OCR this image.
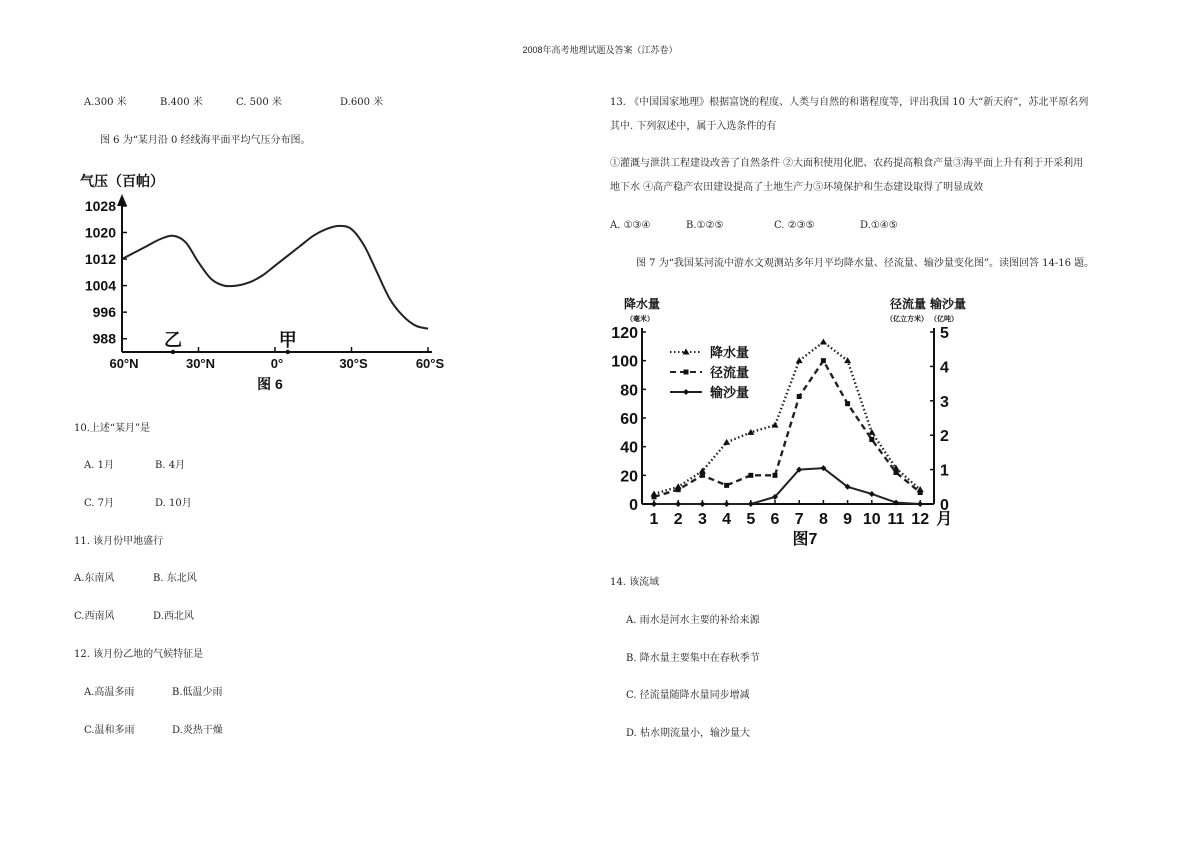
2008年高考地理试题及答案（江苏卷）
A.300 米	B.400 米	C. 500 米	D.600 米
图 6 为“某月沿 0 经线海平面平均气压分布图。
气压（百帕）
1028
1020
1012
1004
996
988
60°N	30°N	0°	30°S	60°S
乙	甲
图 6
10.上述“某月”是
A. 1月	B. 4月
C. 7月	D. 10月
11. 该月份甲地盛行
A.东南风	B. 东北风
C.西南风	D.西北风
12. 该月份乙地的气候特征是
A.高温多雨	B.低温少雨
C.温和多雨	D.炎热干燥
13. 《中国国家地理》根据富饶的程度、人类与自然的和谐程度等，评出我国 10 大“新天府”，苏北平原名列
其中. 下列叙述中，属于入选条件的有
①灌溉与泄洪工程建设改善了自然条件 ②大面积使用化肥、农药提高粮食产量③海平面上升有利于开采利用
地下水 ④高产稳产农田建设提高了土地生产力⑤环境保护和生态建设取得了明显成效
A. ①③④	B.①②⑤	C. ②③⑤	D.①④⑤
图 7 为“我国某河流中游水文观测站多年月平均降水量、径流量、输沙量变化图”。读图回答 14-16 题。
降水量
（毫米）
径流量 输沙量
（亿立方米） （亿吨）
0
20
40
60
80
100
120
0
1
2
3
4
5
1 2 3 4 5 6 7 8 9 10 11 12 月
图7
降水量
径流量
输沙量
14. 该流域
A. 雨水是河水主要的补给来源
B. 降水量主要集中在春秋季节
C. 径流量随降水量同步增减
D. 枯水期流量小，输沙量大
